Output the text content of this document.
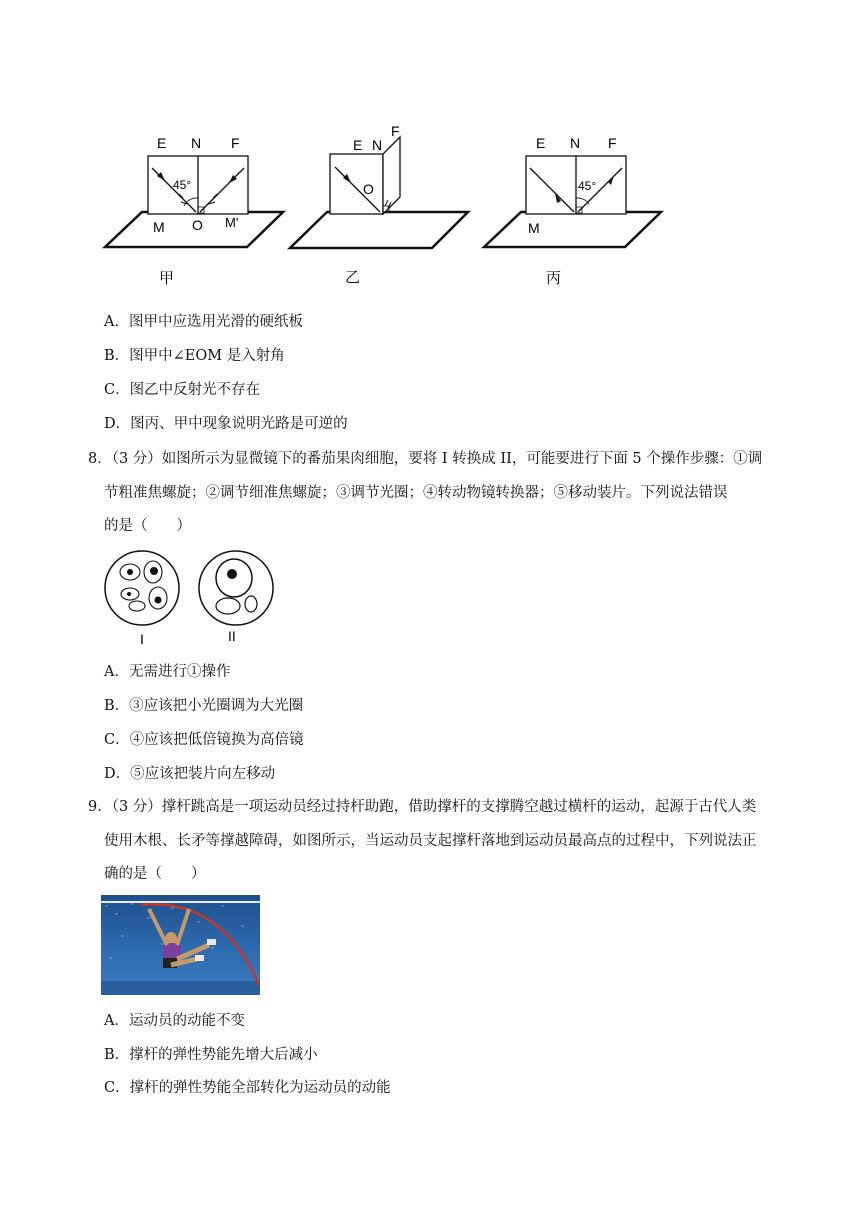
E N F
45°
O
M	M'
E N
F
O
E N F
45°
M
甲	乙	丙
A．图甲中应选用光滑的硬纸板
B．图甲中∠EOM 是入射角
C．图乙中反射光不存在
D．图丙、甲中现象说明光路是可逆的
8．（3 分）如图所示为显微镜下的番茄果肉细胞，要将 I 转换成 II，可能要进行下面 5 个操作步骤：①调
节粗准焦螺旋；②调节细准焦螺旋；③调节光圈；④转动物镜转换器；⑤移动装片。下列说法错误
的是（　　）
I	II
A．无需进行①操作
B．③应该把小光圈调为大光圈
C．④应该把低倍镜换为高倍镜
D．⑤应该把装片向左移动
9．（3 分）撑杆跳高是一项运动员经过持杆助跑，借助撑杆的支撑腾空越过横杆的运动，起源于古代人类
使用木根、长矛等撑越障碍，如图所示，当运动员支起撑杆落地到运动员最高点的过程中，下列说法正
确的是（　　）
A．运动员的动能不变
B．撑杆的弹性势能先增大后减小
C．撑杆的弹性势能全部转化为运动员的动能
